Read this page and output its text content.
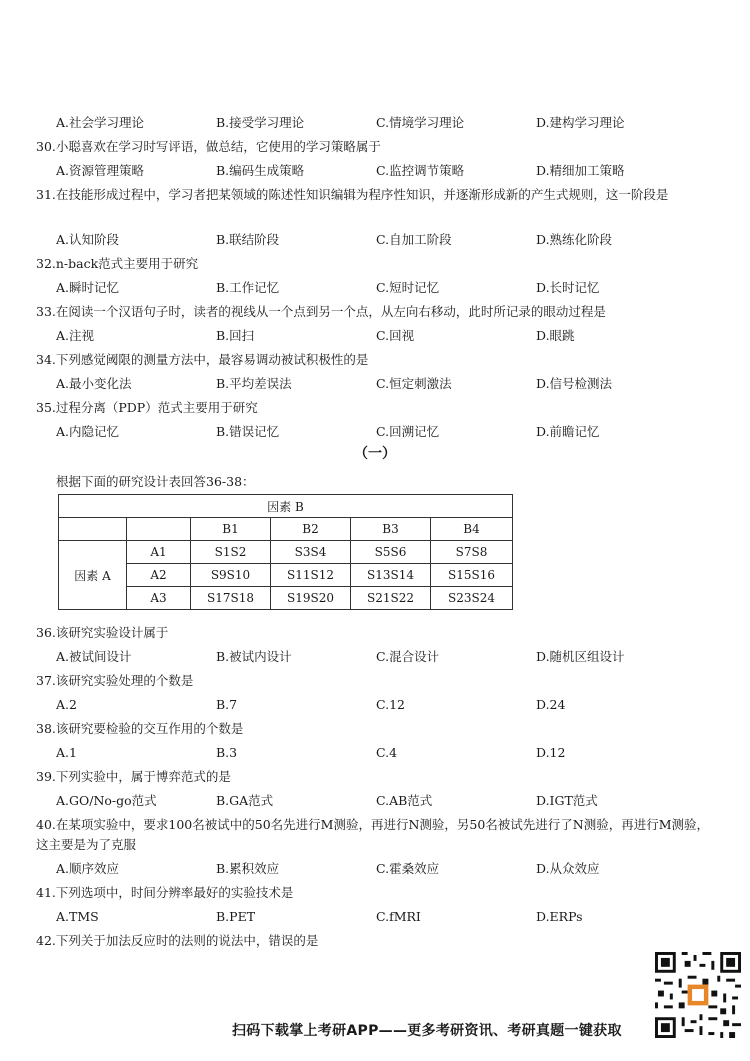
A.社会学习理论	B.接受学习理论	C.情境学习理论	D.建构学习理论
30.小聪喜欢在学习时写评语，做总结，它使用的学习策略属于
A.资源管理策略	B.编码生成策略	C.监控调节策略	D.精细加工策略
31.在技能形成过程中，学习者把某领域的陈述性知识编辑为程序性知识，并逐渐形成新的产生式规则，这一阶段是
A.认知阶段	B.联结阶段	C.自加工阶段	D.熟练化阶段
32.n-back范式主要用于研究
A.瞬时记忆	B.工作记忆	C.短时记忆	D.长时记忆
33.在阅读一个汉语句子时，读者的视线从一个点到另一个点，从左向右移动，此时所记录的眼动过程是
A.注视	B.回扫	C.回视	D.眼跳
34.下列感觉阈限的测量方法中，最容易调动被试积极性的是
A.最小变化法	B.平均差误法	C.恒定刺激法	D.信号检测法
35.过程分离（PDP）范式主要用于研究
A.内隐记忆	B.错误记忆	C.回溯记忆	D.前瞻记忆
（一）
根据下面的研究设计表回答36-38：
因素 B					
		B1	B2	B3	B4
因素 A	A1	S1S2	S3S4	S5S6	S7S8
	A2	S9S10	S11S12	S13S14	S15S16
	A3	S17S18	S19S20	S21S22	S23S24
36.该研究实验设计属于
A.被试间设计	B.被试内设计	C.混合设计	D.随机区组设计
37.该研究实验处理的个数是
A.2	B.7	C.12	D.24
38.该研究要检验的交互作用的个数是
A.1	B.3	C.4	D.12
39.下列实验中，属于博弈范式的是
A.GO/No-go范式	B.GA范式	C.AB范式	D.IGT范式
40.在某项实验中，要求100名被试中的50名先进行M测验，再进行N测验，另50名被试先进行了N测验，再进行M测验，这主要是为了克服
A.顺序效应	B.累积效应	C.霍桑效应	D.从众效应
41.下列选项中，时间分辨率最好的实验技术是
A.TMS	B.PET	C.fMRI	D.ERPs
42.下列关于加法反应时的法则的说法中，错误的是
扫码下载掌上考研APP——更多考研资讯、考研真题一键获取
